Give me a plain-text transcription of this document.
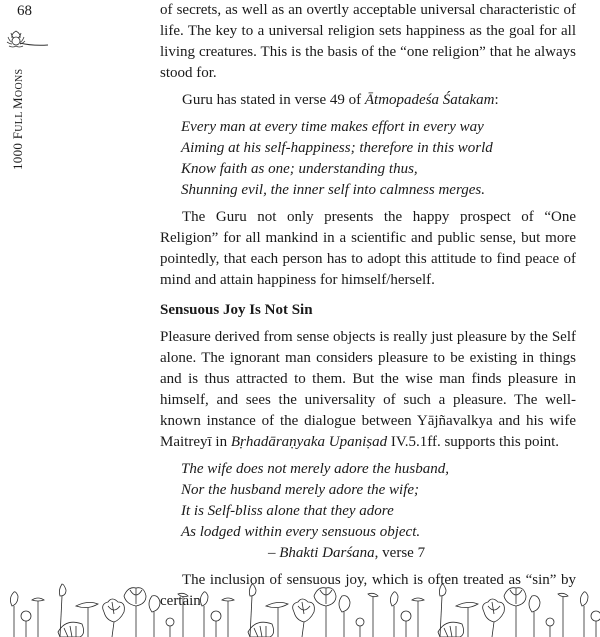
68
1000 FULL MOONS

of secrets, as well as an overtly acceptable universal characteristic of life. The key to a universal religion sets happiness as the goal for all living creatures. This is the basis of the “one religion” that he always stood for.

Guru has stated in verse 49 of Ātmopadeśa Śatakam:

Every man at every time makes effort in every way

Aiming at his self-happiness; therefore in this world

Know faith as one; understanding thus,

Shunning evil, the inner self into calmness merges.

The Guru not only presents the happy prospect of “One Religion” for all mankind in a scientific and public sense, but more pointedly, that each person has to adopt this attitude to find peace of mind and attain happiness for himself/herself.

Sensuous Joy Is Not Sin

Pleasure derived from sense objects is really just pleasure by the Self alone. The ignorant man considers pleasure to be existing in things and is thus attracted to them. But the wise man finds pleasure in himself, and sees the universality of such a pleasure. The well-known instance of the dialogue between Yājñavalkya and his wife Maitreyī in Bṛhadāraṇyaka Upaniṣad IV.5.1ff. supports this point.

The wife does not merely adore the husband,

Nor the husband merely adore the wife;

It is Self-bliss alone that they adore

As lodged within every sensuous object.

– Bhakti Darśana, verse 7

The inclusion of sensuous joy, which is often treated as “sin” by certain
